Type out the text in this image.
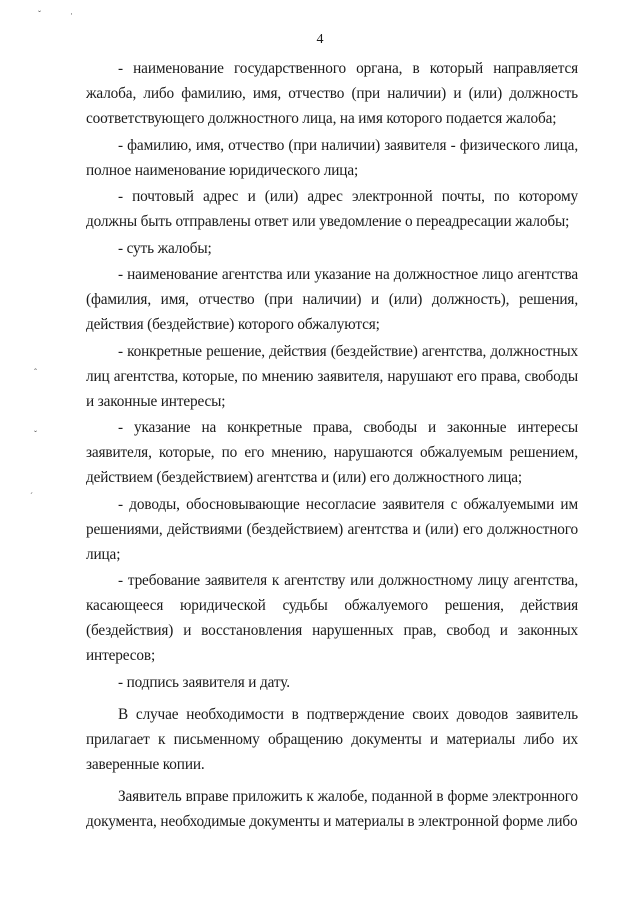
ˇ	·
ˆ
ˇ
´
4

- наименование государственного органа, в который направляется жалоба, либо фамилию, имя, отчество (при наличии) и (или) должность соответствующего должностного лица, на имя которого подается жалоба;

- фамилию, имя, отчество (при наличии) заявителя - физического лица, полное наименование юридического лица;

- почтовый адрес и (или) адрес электронной почты, по которому должны быть отправлены ответ или уведомление о переадресации жалобы;

- суть жалобы;

- наименование агентства или указание на должностное лицо агентства (фамилия, имя, отчество (при наличии) и (или) должность), решения, действия (бездействие) которого обжалуются;

- конкретные решение, действия (бездействие) агентства, должностных лиц агентства, которые, по мнению заявителя, нарушают его права, свободы и законные интересы;

- указание на конкретные права, свободы и законные интересы заявителя, которые, по его мнению, нарушаются обжалуемым решением, действием (бездействием) агентства и (или) его должностного лица;

- доводы, обосновывающие несогласие заявителя с обжалуемыми им решениями, действиями (бездействием) агентства и (или) его должностного лица;

- требование заявителя к агентству или должностному лицу агентства, касающееся юридической судьбы обжалуемого решения, действия (бездействия) и восстановления нарушенных прав, свобод и законных интересов;

- подпись заявителя и дату.

В случае необходимости в подтверждение своих доводов заявитель прилагает к письменному обращению документы и материалы либо их заверенные копии.

Заявитель вправе приложить к жалобе, поданной в форме электронного документа, необходимые документы и материалы в электронной форме либо
